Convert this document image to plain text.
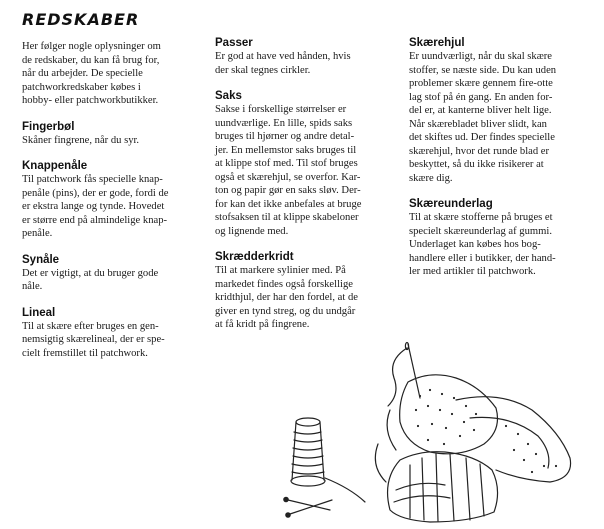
REDSKABER
Her følger nogle oplysninger om
de redskaber, du kan få brug for,
når du arbejder. De specielle
patchworkredskaber købes i
hobby- eller patchworkbutikker.
Fingerbøl
Skåner fingrene, når du syr.
Knappenåle
Til patchwork fås specielle knap-
penåle (pins), der er gode, fordi de
er ekstra lange og tynde. Hovedet
er større end på almindelige knap-
penåle.
Synåle
Det er vigtigt, at du bruger gode
nåle.
Lineal
Til at skære efter bruges en gen-
nemsigtig skærelineal, der er spe-
cielt fremstillet til patchwork.
Passer
Er god at have ved hånden, hvis
der skal tegnes cirkler.
Saks
Sakse i forskellige størrelser er
uundværlige. En lille, spids saks
bruges til hjørner og andre detal-
jer. En mellemstor saks bruges til
at klippe stof med. Til stof bruges
også et skærehjul, se overfor. Kar-
ton og papir gør en saks sløv. Der-
for kan det ikke anbefales at bruge
stofsaksen til at klippe skabeloner
og lignende med.
Skrædderkridt
Til at markere sylinier med. På
markedet findes også forskellige
kridthjul, der har den fordel, at de
giver en tynd streg, og du undgår
at få kridt på fingrene.
Skærehjul
Er uundværligt, når du skal skære
stoffer, se næste side. Du kan uden
problemer skære gennem fire-otte
lag stof på én gang. En anden for-
del er, at kanterne bliver helt lige.
Når skærebladet bliver slidt, kan
det skiftes ud. Der findes specielle
skærehjul, hvor det runde blad er
beskyttet, så du ikke risikerer at
skære dig.
Skæreunderlag
Til at skære stofferne på bruges et
specielt skæreunderlag af gummi.
Underlaget kan købes hos bog-
handlere eller i butikker, der hand-
ler med artikler til patchwork.
